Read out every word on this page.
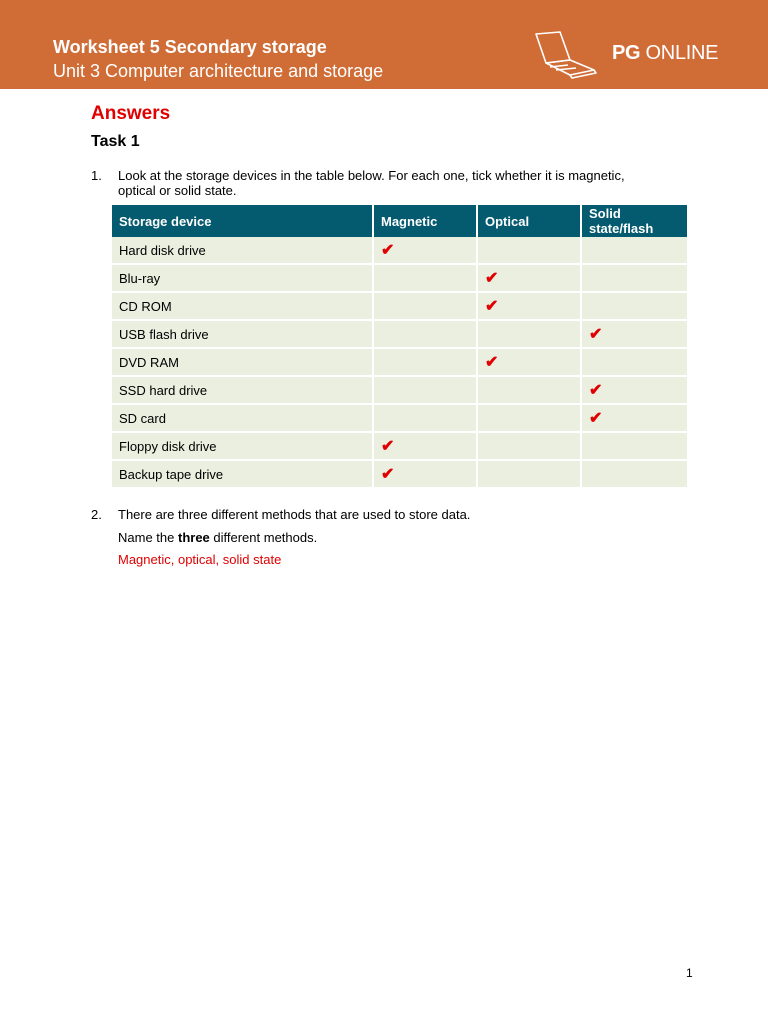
Worksheet 5 Secondary storage
Unit 3 Computer architecture and storage
PG ONLINE
Answers
Task 1
1. Look at the storage devices in the table below. For each one, tick whether it is magnetic,
optical or solid state.
Storage device	Magnetic	Optical	Solid state/flash
Hard disk drive	✔		
Blu-ray		✔	
CD ROM		✔	
USB flash drive			✔
DVD RAM		✔	
SSD hard drive			✔
SD card			✔
Floppy disk drive	✔		
Backup tape drive	✔		
2. There are three different methods that are used to store data.
Name the three different methods.
Magnetic, optical, solid state
1
